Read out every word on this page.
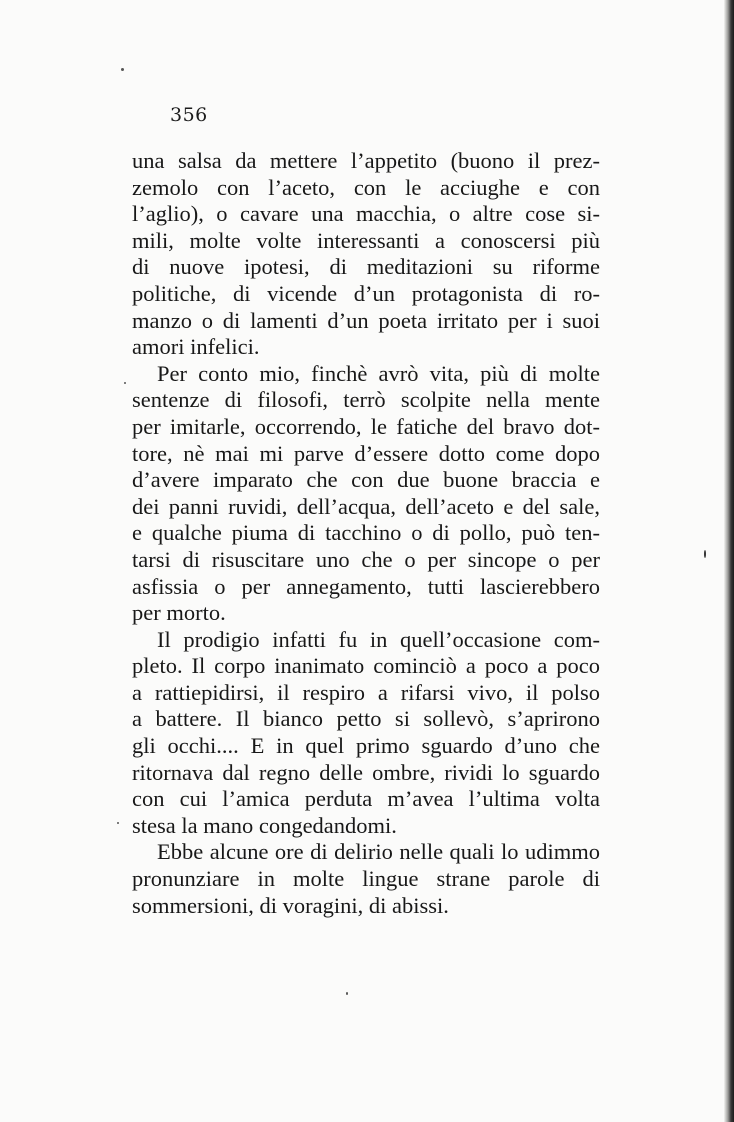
356
una salsa da mettere l’appetito (buono il prez-
zemolo con l’aceto, con le acciughe e con
l’aglio), o cavare una macchia, o altre cose si-
mili, molte volte interessanti a conoscersi più
di nuove ipotesi, di meditazioni su riforme
politiche, di vicende d’un protagonista di ro-
manzo o di lamenti d’un poeta irritato per i suoi
amori infelici.
Per conto mio, finchè avrò vita, più di molte
sentenze di filosofi, terrò scolpite nella mente
per imitarle, occorrendo, le fatiche del bravo dot-
tore, nè mai mi parve d’essere dotto come dopo
d’avere imparato che con due buone braccia e
dei panni ruvidi, dell’acqua, dell’aceto e del sale,
e qualche piuma di tacchino o di pollo, può ten-
tarsi di risuscitare uno che o per sincope o per
asfissia o per annegamento, tutti lascierebbero
per morto.
Il prodigio infatti fu in quell’occasione com-
pleto. Il corpo inanimato cominciò a poco a poco
a rattiepidirsi, il respiro a rifarsi vivo, il polso
a battere. Il bianco petto si sollevò, s’aprirono
gli occhi.... E in quel primo sguardo d’uno che
ritornava dal regno delle ombre, rividi lo sguardo
con cui l’amica perduta m’avea l’ultima volta
stesa la mano congedandomi.
Ebbe alcune ore di delirio nelle quali lo udimmo
pronunziare in molte lingue strane parole di
sommersioni, di voragini, di abissi.
